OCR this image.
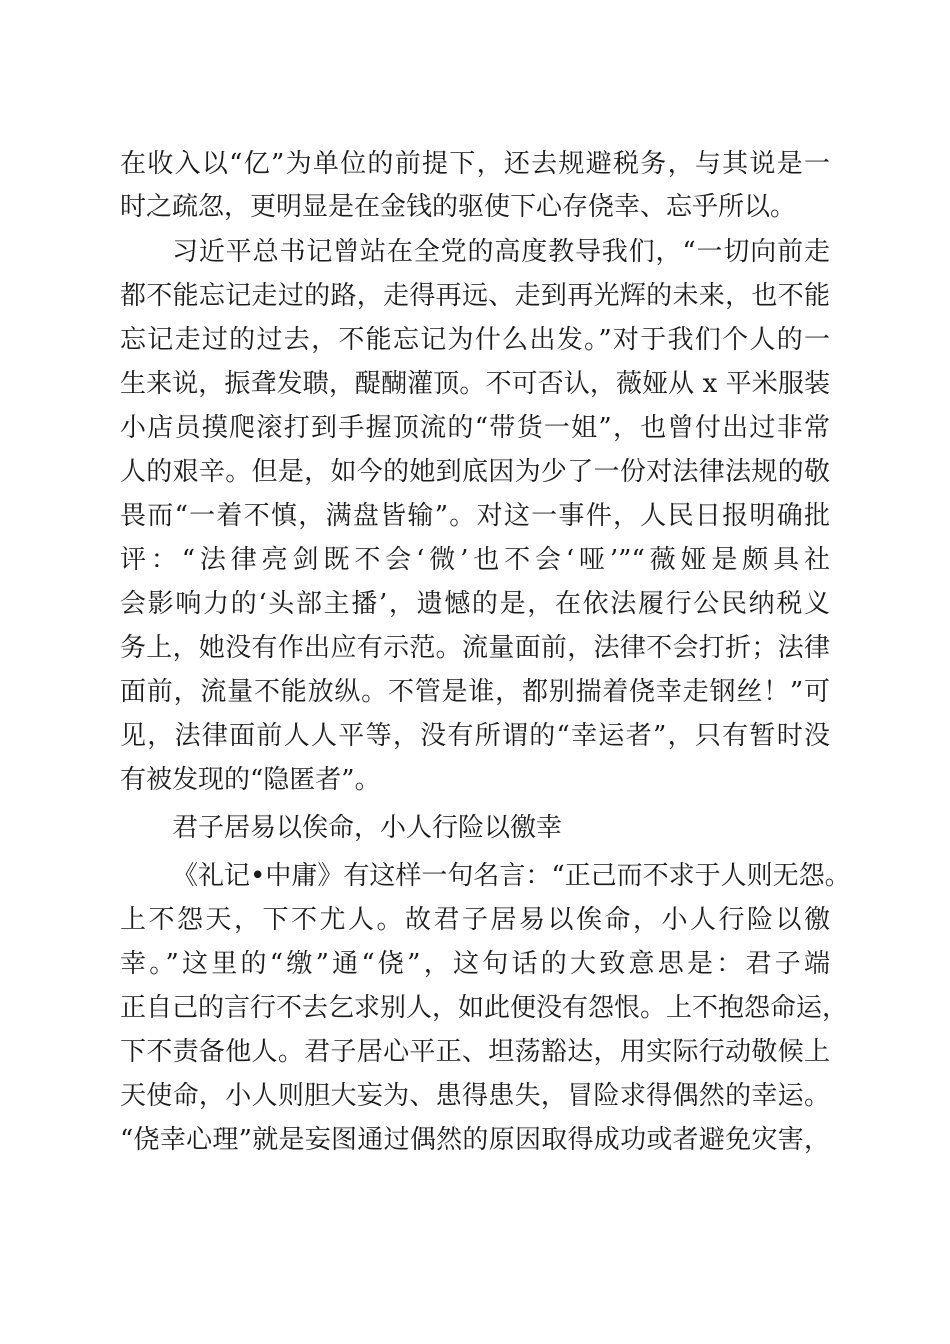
在收入以“亿”为单位的前提下，还去规避税务，与其说是一
时之疏忽，更明显是在金钱的驱使下心存侥幸、忘乎所以。
习近平总书记曾站在全党的高度教导我们，“一切向前走
都不能忘记走过的路，走得再远、走到再光辉的未来，也不能
忘记走过的过去，不能忘记为什么出发。”对于我们个人的一
生来说，振聋发聩，醍醐灌顶。不可否认，薇娅从 x 平米服装
小店员摸爬滚打到手握顶流的“带货一姐”，也曾付出过非常
人的艰辛。但是，如今的她到底因为少了一份对法律法规的敬
畏而“一着不慎，满盘皆输”。对这一事件，人民日报明确批
评：“法律亮剑既不会‘微’也不会‘哑’”“薇娅是颇具社
会影响力的‘头部主播’，遗憾的是，在依法履行公民纳税义
务上，她没有作出应有示范。流量面前，法律不会打折；法律
面前，流量不能放纵。不管是谁，都别揣着侥幸走钢丝！”可
见，法律面前人人平等，没有所谓的“幸运者”，只有暂时没
有被发现的“隐匿者”。
君子居易以俟命，小人行险以徼幸
《礼记•中庸》有这样一句名言：“正己而不求于人则无怨。
上不怨天，下不尤人。故君子居易以俟命，小人行险以徼
幸。”这里的“缴”通“侥”，这句话的大致意思是：君子端
正自己的言行不去乞求别人，如此便没有怨恨。上不抱怨命运，
下不责备他人。君子居心平正、坦荡豁达，用实际行动敬候上
天使命，小人则胆大妄为、患得患失，冒险求得偶然的幸运。
“侥幸心理”就是妄图通过偶然的原因取得成功或者避免灾害，
